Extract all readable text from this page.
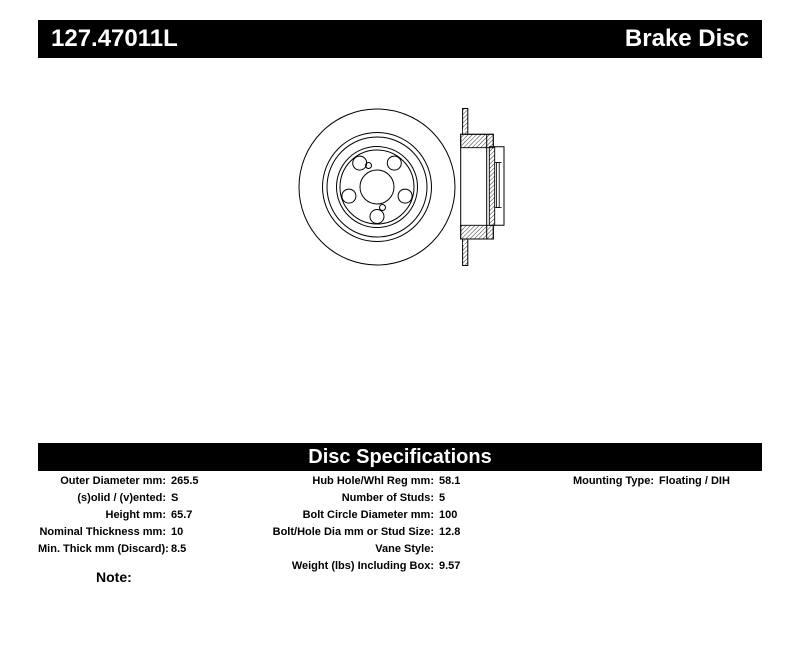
127.47011L	Brake Disc
Disc Specifications
Outer Diameter mm: 265.5
(s)olid / (v)ented: S
Height mm: 65.7
Nominal Thickness mm: 10
Min. Thick mm (Discard): 8.5
Hub Hole/Whl Reg mm: 58.1
Number of Studs: 5
Bolt Circle Diameter mm: 100
Bolt/Hole Dia mm or Stud Size: 12.8
Vane Style:
Weight (lbs) Including Box: 9.57
Mounting Type: Floating / DIH
Note:
